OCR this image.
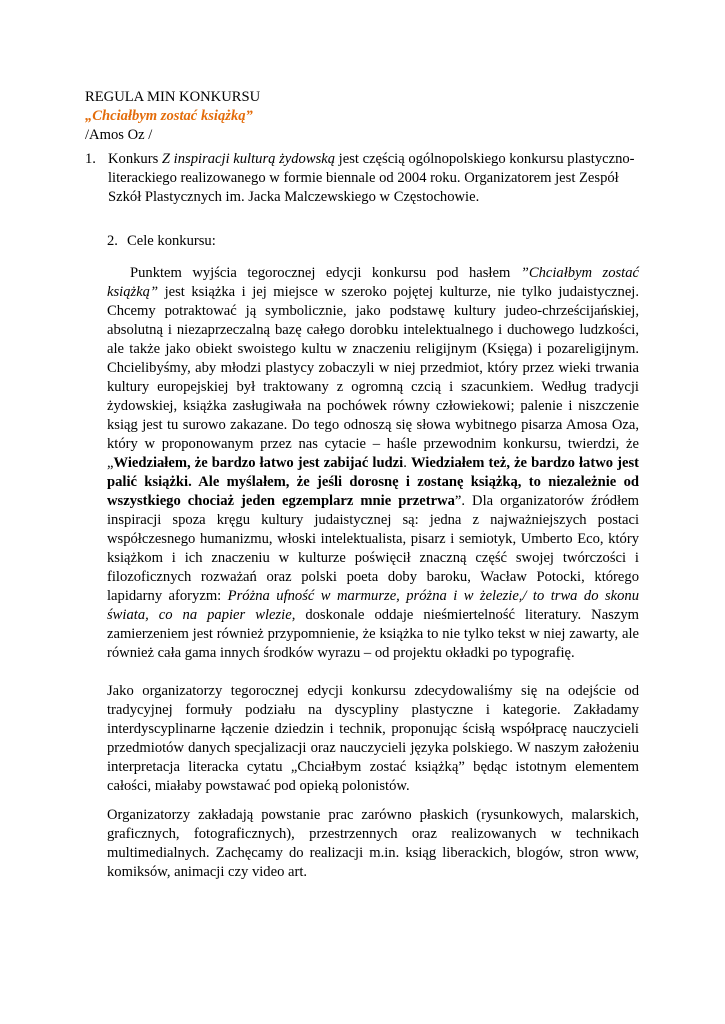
REGULA MIN KONKURSU
„Chciałbym zostać książką”
/Amos Oz /
1. Konkurs Z inspiracji kulturą żydowską jest częścią ogólnopolskiego konkursu plastyczno-literackiego realizowanego w formie biennale od 2004 roku. Organizatorem jest Zespół Szkół Plastycznych im. Jacka Malczewskiego w Częstochowie.
2. Cele konkursu:

Punktem wyjścia tegorocznej edycji konkursu pod hasłem ”Chciałbym zostać książką” jest książka i jej miejsce w szeroko pojętej kulturze, nie tylko judaistycznej. Chcemy potraktować ją symbolicznie, jako podstawę kultury judeo-chrześcijańskiej, absolutną i niezaprzeczalną bazę całego dorobku intelektualnego i duchowego ludzkości, ale także jako obiekt swoistego kultu w znaczeniu religijnym (Księga) i pozareligijnym. Chcielibyśmy, aby młodzi plastycy zobaczyli w niej przedmiot, który przez wieki trwania kultury europejskiej był traktowany z ogromną czcią i szacunkiem. Według tradycji żydowskiej, książka zasługiwała na pochówek równy człowiekowi; palenie i niszczenie ksiąg jest tu surowo zakazane. Do tego odnoszą się słowa wybitnego pisarza Amosa Oza, który w proponowanym przez nas cytacie – haśle przewodnim konkursu, twierdzi, że „Wiedziałem, że bardzo łatwo jest zabijać ludzi. Wiedziałem też, że bardzo łatwo jest palić książki. Ale myślałem, że jeśli dorosnę i zostanę książką, to niezależnie od wszystkiego chociaż jeden egzemplarz mnie przetrwa”. Dla organizatorów źródłem inspiracji spoza kręgu kultury judaistycznej są: jedna z najważniejszych postaci współczesnego humanizmu, włoski intelektualista, pisarz i semiotyk, Umberto Eco, który książkom i ich znaczeniu w kulturze poświęcił znaczną część swojej twórczości i filozoficznych rozważań oraz polski poeta doby baroku, Wacław Potocki, którego lapidarny aforyzm: Próżna ufność w marmurze, próżna i w żelezie,/ to trwa do skonu świata, co na papier wlezie, doskonale oddaje nieśmiertelność literatury. Naszym zamierzeniem jest również przypomnienie, że książka to nie tylko tekst w niej zawarty, ale również cała gama innych środków wyrazu – od projektu okładki po typografię.

Jako organizatorzy tegorocznej edycji konkursu zdecydowaliśmy się na odejście od tradycyjnej formuły podziału na dyscypliny plastyczne i kategorie. Zakładamy interdyscyplinarne łączenie dziedzin i technik, proponując ścisłą współpracę nauczycieli przedmiotów danych specjalizacji oraz nauczycieli języka polskiego. W naszym założeniu interpretacja literacka cytatu „Chciałbym zostać książką” będąc istotnym elementem całości, miałaby powstawać pod opieką polonistów.

Organizatorzy zakładają powstanie prac zarówno płaskich (rysunkowych, malarskich, graficznych, fotograficznych), przestrzennych oraz realizowanych w technikach multimedialnych. Zachęcamy do realizacji m.in. ksiąg liberackich, blogów, stron www, komiksów, animacji czy video art.
